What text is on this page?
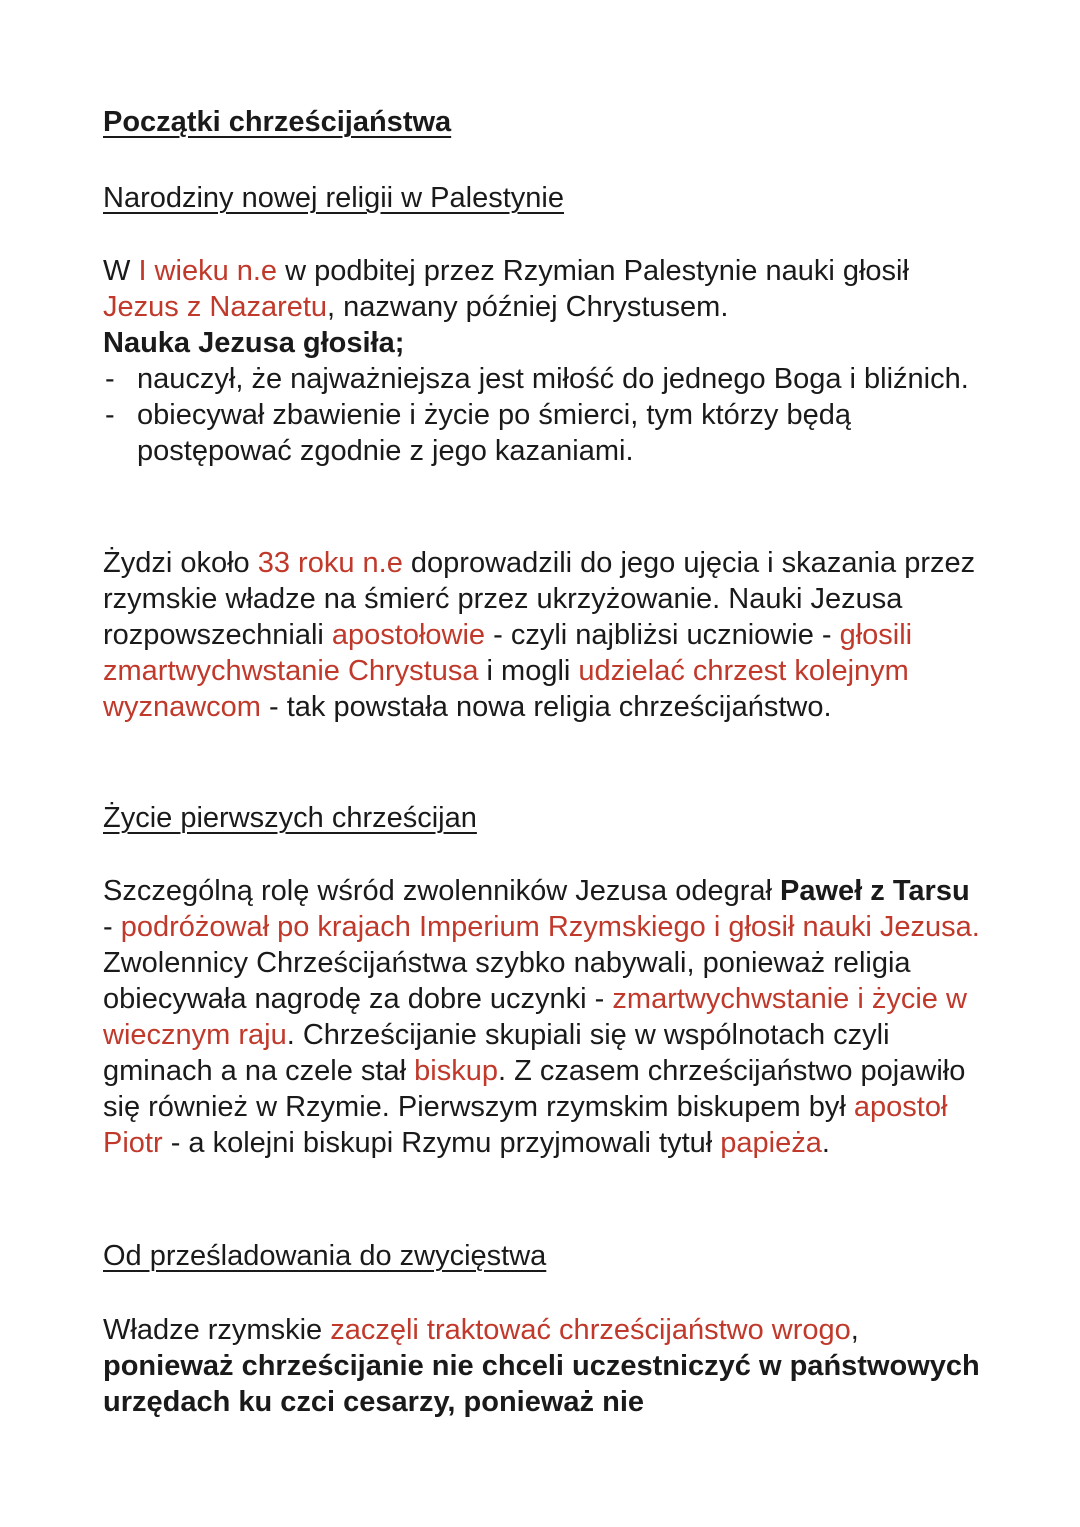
Początki chrześcijaństwa
Narodziny nowej religii w Palestynie

W I wieku n.e w podbitej przez Rzymian Palestynie nauki głosił Jezus z Nazaretu, nazwany później Chrystusem.

Nauka Jezusa głosiła;

- nauczył, że najważniejsza jest miłość do jednego Boga i bliźnich.
- obiecywał zbawienie i życie po śmierci, tym którzy będą postępować zgodnie z jego kazaniami.

Żydzi około 33 roku n.e doprowadzili do jego ujęcia i skazania przez rzymskie władze na śmierć przez ukrzyżowanie. Nauki Jezusa rozpowszechniali apostołowie - czyli najbliżsi uczniowie - głosili zmartwychwstanie Chrystusa i mogli udzielać chrzest kolejnym wyznawcom - tak powstała nowa religia chrześcijaństwo.

Życie pierwszych chrześcijan

Szczególną rolę wśród zwolenników Jezusa odegrał Paweł z Tarsu - podróżował po krajach Imperium Rzymskiego i głosił nauki Jezusa. Zwolennicy Chrześcijaństwa szybko nabywali, ponieważ religia obiecywała nagrodę za dobre uczynki - zmartwychwstanie i życie w wiecznym raju. Chrześcijanie skupiali się w wspólnotach czyli gminach a na czele stał biskup. Z czasem chrześcijaństwo pojawiło się również w Rzymie. Pierwszym rzymskim biskupem był apostoł Piotr - a kolejni biskupi Rzymu przyjmowali tytuł papieża.

Od prześladowania do zwycięstwa

Władze rzymskie zaczęli traktować chrześcijaństwo wrogo, ponieważ chrześcijanie nie chceli uczestniczyć w państwowych urzędach ku czci cesarzy, ponieważ nie
